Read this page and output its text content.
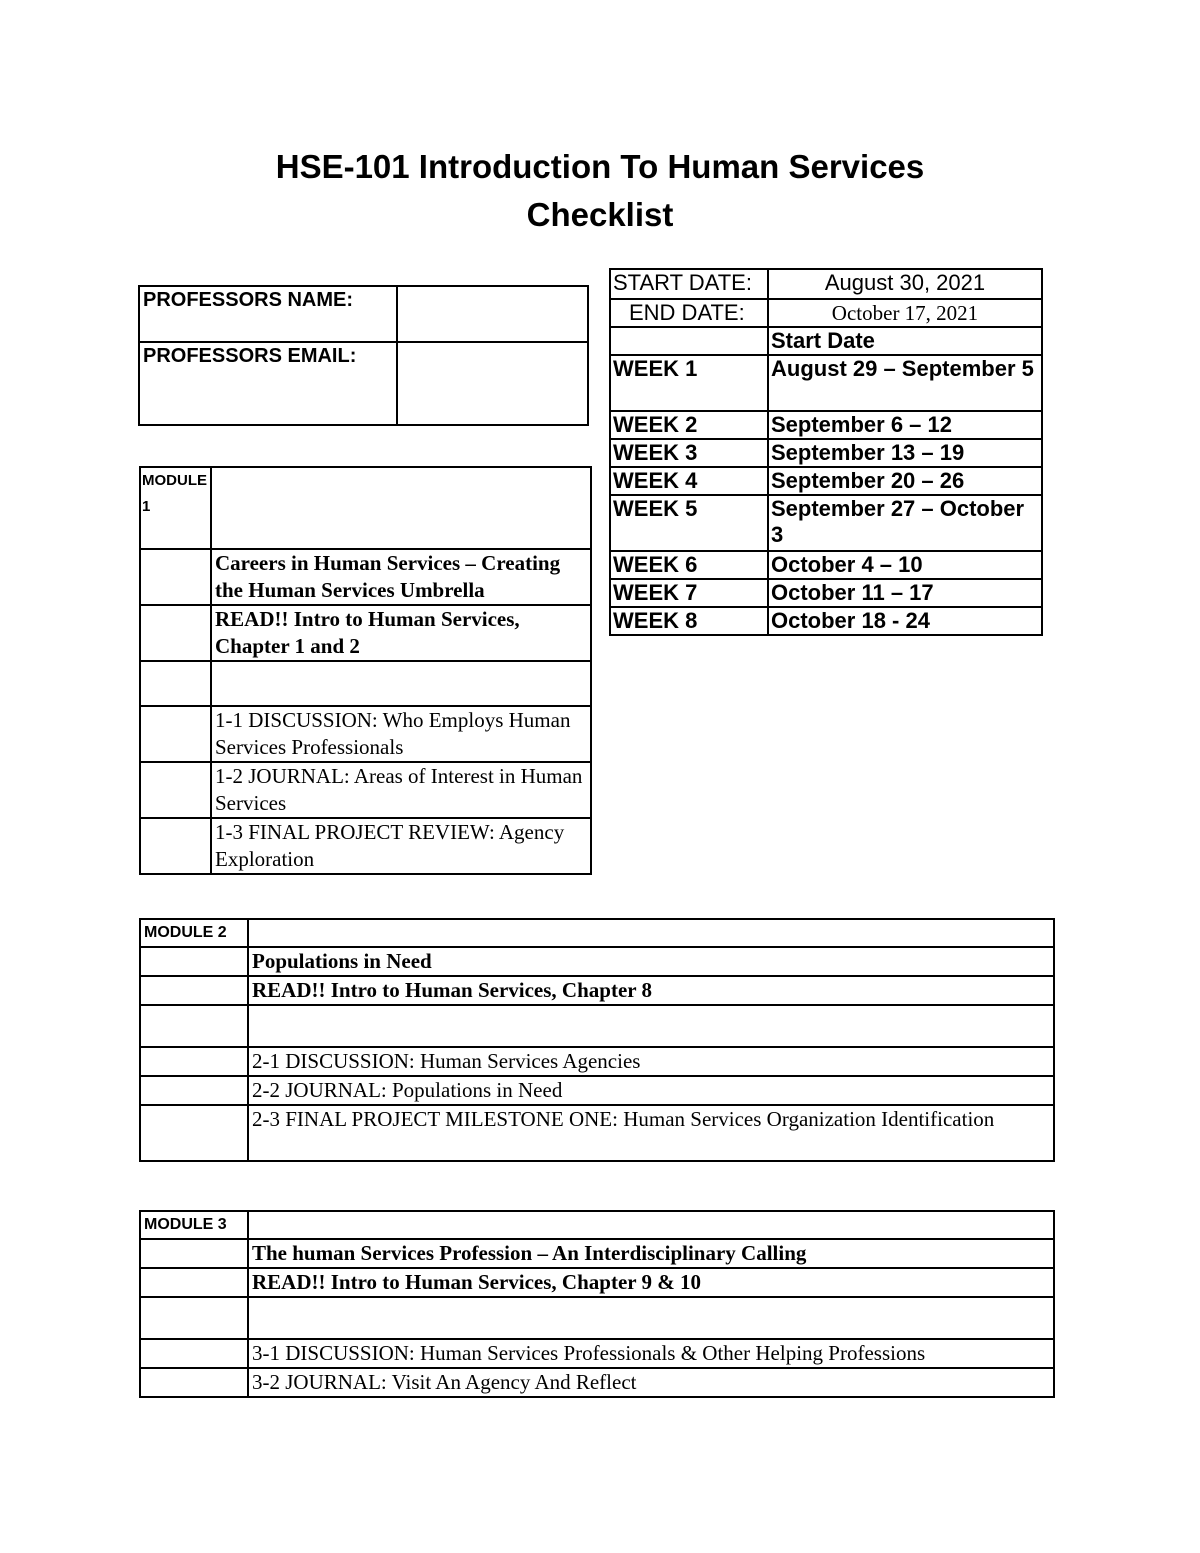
HSE-101 Introduction To Human Services
Checklist
PROFESSORS NAME:	
PROFESSORS EMAIL:	
START DATE:	August 30, 2021
END DATE:	October 17, 2021
	Start Date
WEEK 1	August 29 – September 5
WEEK 2	September 6 – 12
WEEK 3	September 13 – 19
WEEK 4	September 20 – 26
WEEK 5	September 27 – October 3
WEEK 6	October 4 – 10
WEEK 7	October 11 – 17
WEEK 8	October 18 - 24
MODULE 1	
	Careers in Human Services – Creating the Human Services Umbrella
	READ!! Intro to Human Services, Chapter 1 and 2

	1-1 DISCUSSION: Who Employs Human Services Professionals
	1-2 JOURNAL: Areas of Interest in Human Services
	1-3 FINAL PROJECT REVIEW: Agency Exploration
MODULE 2	
	Populations in Need
	READ!! Intro to Human Services, Chapter 8

	2-1 DISCUSSION: Human Services Agencies
	2-2 JOURNAL: Populations in Need
	2-3 FINAL PROJECT MILESTONE ONE: Human Services Organization Identification
MODULE 3	
	The human Services Profession – An Interdisciplinary Calling
	READ!! Intro to Human Services, Chapter 9 & 10

	3-1 DISCUSSION: Human Services Professionals & Other Helping Professions
	3-2 JOURNAL: Visit An Agency And Reflect
